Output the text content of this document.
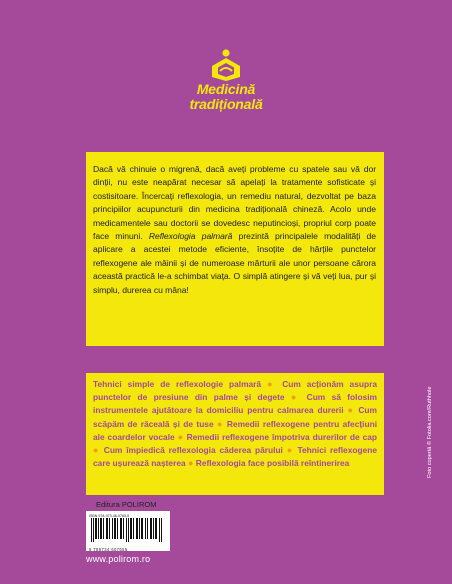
Medicină
tradițională

Dacă vă chinuie o migrenă, dacă aveți probleme cu spatele sau vă dor dinții, nu este neapărat necesar să apelați la tratamente sofisticate și costisitoare. Încercați reflexologia, un remediu natural, dezvoltat pe baza principiilor acupuncturii din medicina tradițională chineză. Acolo unde medicamentele sau doctorii se dovedesc neputincioși, propriul corp poate face minuni. Reflexologia palmară prezintă principalele modalități de aplicare a acestei metode eficiente, însoțite de hărțile punctelor reflexogene ale mâinii și de numeroase mărturii ale unor persoane cărora această practică le-a schimbat viața. O simplă atingere și vă veți lua, pur și simplu, durerea cu mâna!

Tehnici simple de reflexologie palmară ● Cum acționăm asupra punctelor de presiune din palme și degete ● Cum să folosim instrumentele ajutătoare la domiciliu pentru calmarea durerii ● Cum scăpăm de răceală și de tuse ● Remedii reflexogene pentru afecțiuni ale coardelor vocale ● Remedii reflexogene împotriva durerilor de cap ● Cum împiedică reflexologia căderea părului ● Tehnici reflexogene care ușurează nașterea ● Reflexologia face posibilă reîntinerirea

Editura POLIROM
ISBN 978-973-46-0765-5
9 789734 607655
www.polirom.ro
Foto copertă © Fotolia.com/Ruthhole
